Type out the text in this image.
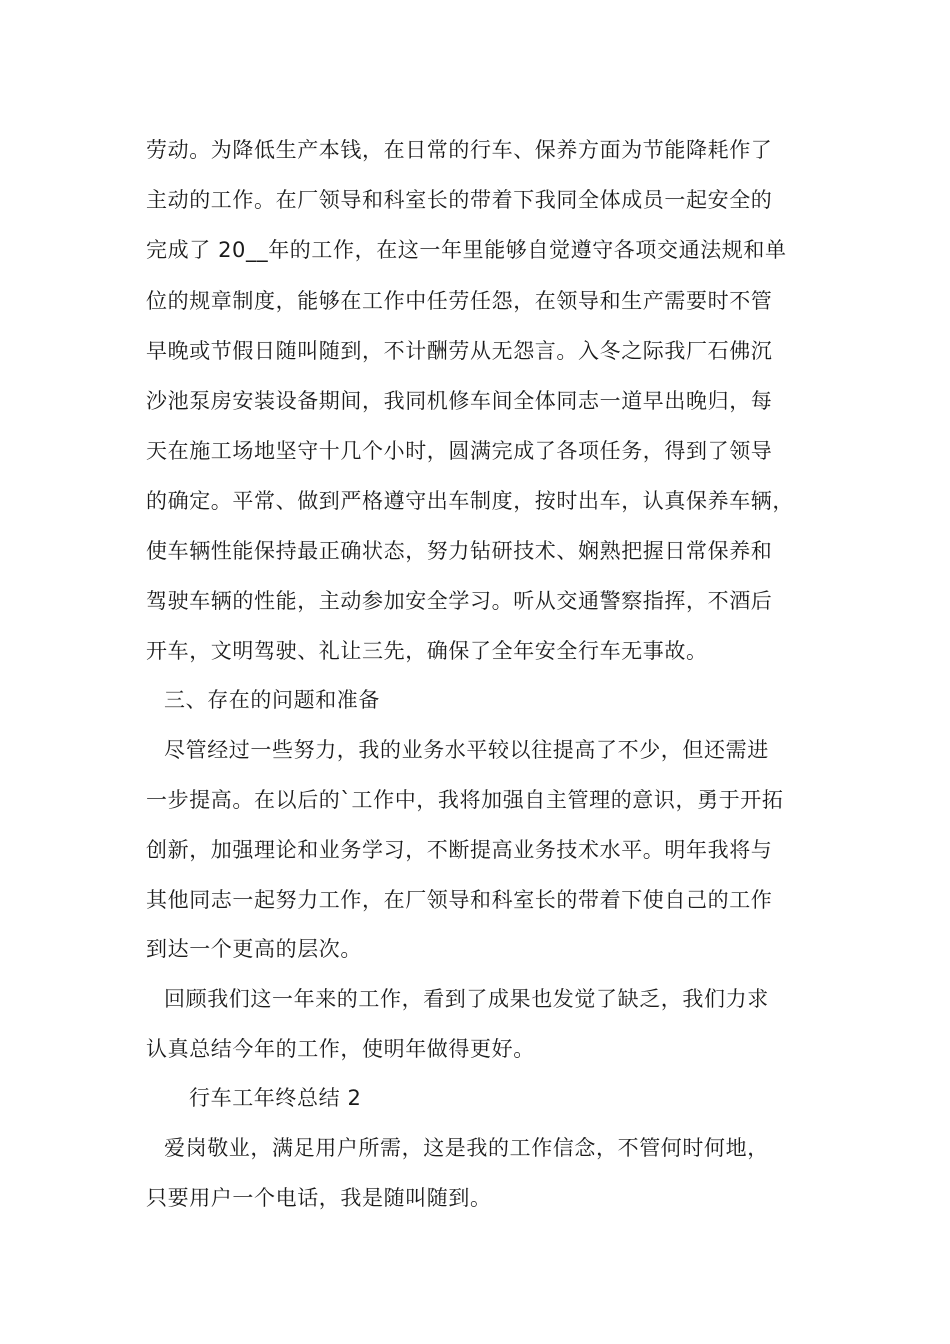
劳动。为降低生产本钱，在日常的行车、保养方面为节能降耗作了
主动的工作。在厂领导和科室长的带着下我同全体成员一起安全的
完成了 20__年的工作，在这一年里能够自觉遵守各项交通法规和单
位的规章制度，能够在工作中任劳任怨，在领导和生产需要时不管
早晚或节假日随叫随到，不计酬劳从无怨言。入冬之际我厂石佛沉
沙池泵房安装设备期间，我同机修车间全体同志一道早出晚归，每
天在施工场地坚守十几个小时，圆满完成了各项任务，得到了领导
的确定。平常、做到严格遵守出车制度，按时出车，认真保养车辆，
使车辆性能保持最正确状态，努力钻研技术、娴熟把握日常保养和
驾驶车辆的性能，主动参加安全学习。听从交通警察指挥，不酒后
开车，文明驾驶、礼让三先，确保了全年安全行车无事故。
三、存在的问题和准备
尽管经过一些努力，我的业务水平较以往提高了不少，但还需进
一步提高。在以后的`工作中，我将加强自主管理的意识，勇于开拓
创新，加强理论和业务学习，不断提高业务技术水平。明年我将与
其他同志一起努力工作，在厂领导和科室长的带着下使自己的工作
到达一个更高的层次。
回顾我们这一年来的工作，看到了成果也发觉了缺乏，我们力求
认真总结今年的工作，使明年做得更好。
行车工年终总结 2
爱岗敬业，满足用户所需，这是我的工作信念，不管何时何地，
只要用户一个电话，我是随叫随到。
